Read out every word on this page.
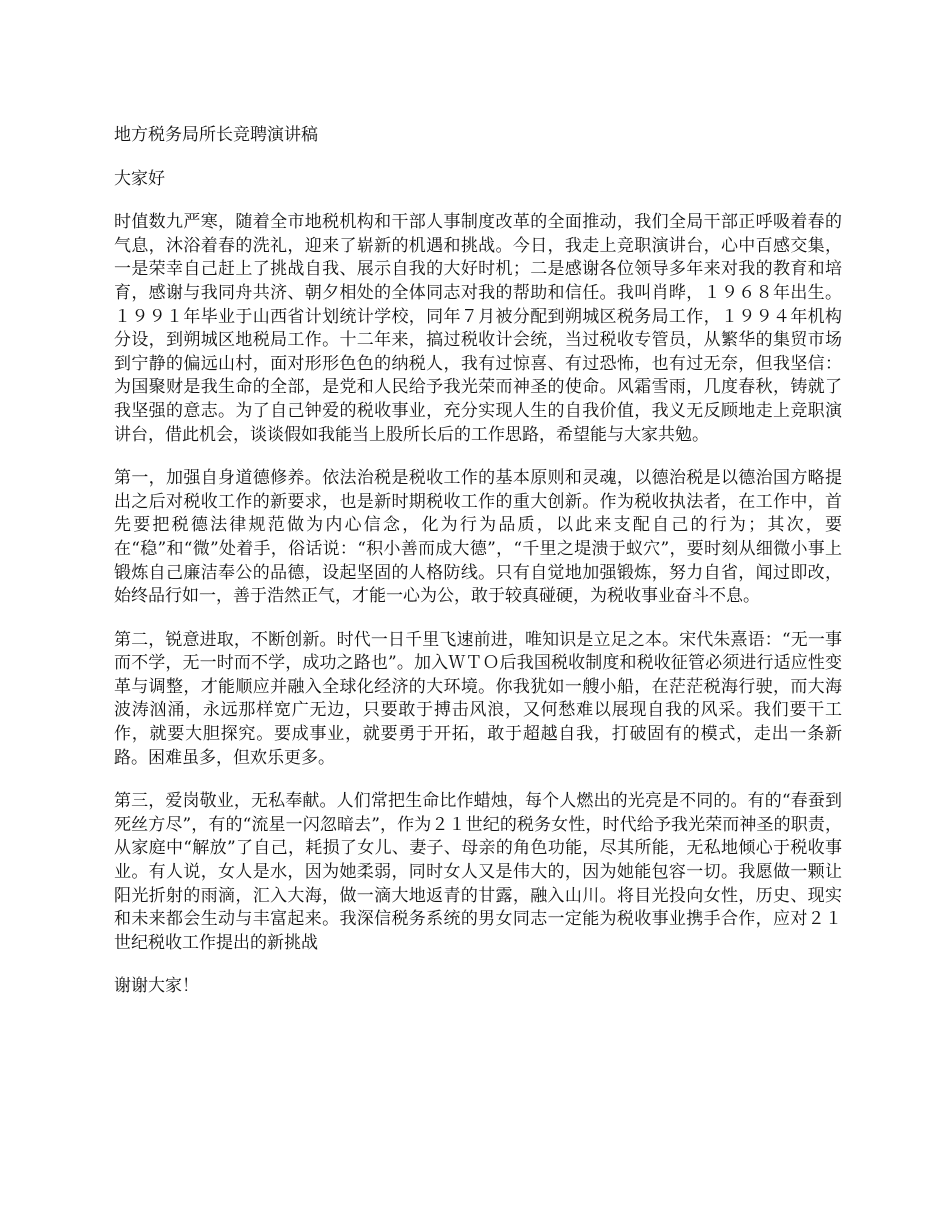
地方税务局所长竞聘演讲稿
大家好

时值数九严寒，随着全市地税机构和干部人事制度改革的全面推动，我们全局干部正呼吸着春的气息，沐浴着春的洗礼，迎来了崭新的机遇和挑战。今日，我走上竞职演讲台，心中百感交集，一是荣幸自己赶上了挑战自我、展示自我的大好时机；二是感谢各位领导多年来对我的教育和培育，感谢与我同舟共济、朝夕相处的全体同志对我的帮助和信任。我叫肖晔，１９６８年出生。１９９１年毕业于山西省计划统计学校，同年７月被分配到朔城区税务局工作，１９９４年机构分设，到朔城区地税局工作。十二年来，搞过税收计会统，当过税收专管员，从繁华的集贸市场到宁静的偏远山村，面对形形色色的纳税人，我有过惊喜、有过恐怖，也有过无奈，但我坚信：为国聚财是我生命的全部，是党和人民给予我光荣而神圣的使命。风霜雪雨，几度春秋，铸就了我坚强的意志。为了自己钟爱的税收事业，充分实现人生的自我价值，我义无反顾地走上竞职演讲台，借此机会，谈谈假如我能当上股所长后的工作思路，希望能与大家共勉。

第一，加强自身道德修养。依法治税是税收工作的基本原则和灵魂，以德治税是以德治国方略提出之后对税收工作的新要求，也是新时期税收工作的重大创新。作为税收执法者，在工作中，首先要把税德法律规范做为内心信念，化为行为品质，以此来支配自己的行为；其次，要在“稳”和“微”处着手，俗话说：“积小善而成大德”，“千里之堤溃于蚁穴”，要时刻从细微小事上锻炼自己廉洁奉公的品德，设起坚固的人格防线。只有自觉地加强锻炼，努力自省，闻过即改，始终品行如一，善于浩然正气，才能一心为公，敢于较真碰硬，为税收事业奋斗不息。

第二，锐意进取，不断创新。时代一日千里飞速前进，唯知识是立足之本。宋代朱熹语：“无一事而不学，无一时而不学，成功之路也”。加入ＷＴＯ后我国税收制度和税收征管必须进行适应性变革与调整，才能顺应并融入全球化经济的大环境。你我犹如一艘小船，在茫茫税海行驶，而大海波涛汹涌，永远那样宽广无边，只要敢于搏击风浪，又何愁难以展现自我的风采。我们要干工作，就要大胆探究。要成事业，就要勇于开拓，敢于超越自我，打破固有的模式，走出一条新路。困难虽多，但欢乐更多。

第三，爱岗敬业，无私奉献。人们常把生命比作蜡烛，每个人燃出的光亮是不同的。有的“春蚕到死丝方尽”，有的“流星一闪忽暗去”，作为２１世纪的税务女性，时代给予我光荣而神圣的职责，从家庭中“解放”了自己，耗损了女儿、妻子、母亲的角色功能，尽其所能，无私地倾心于税收事业。有人说，女人是水，因为她柔弱，同时女人又是伟大的，因为她能包容一切。我愿做一颗让阳光折射的雨滴，汇入大海，做一滴大地返青的甘露，融入山川。将目光投向女性，历史、现实和未来都会生动与丰富起来。我深信税务系统的男女同志一定能为税收事业携手合作，应对２１世纪税收工作提出的新挑战

谢谢大家！
